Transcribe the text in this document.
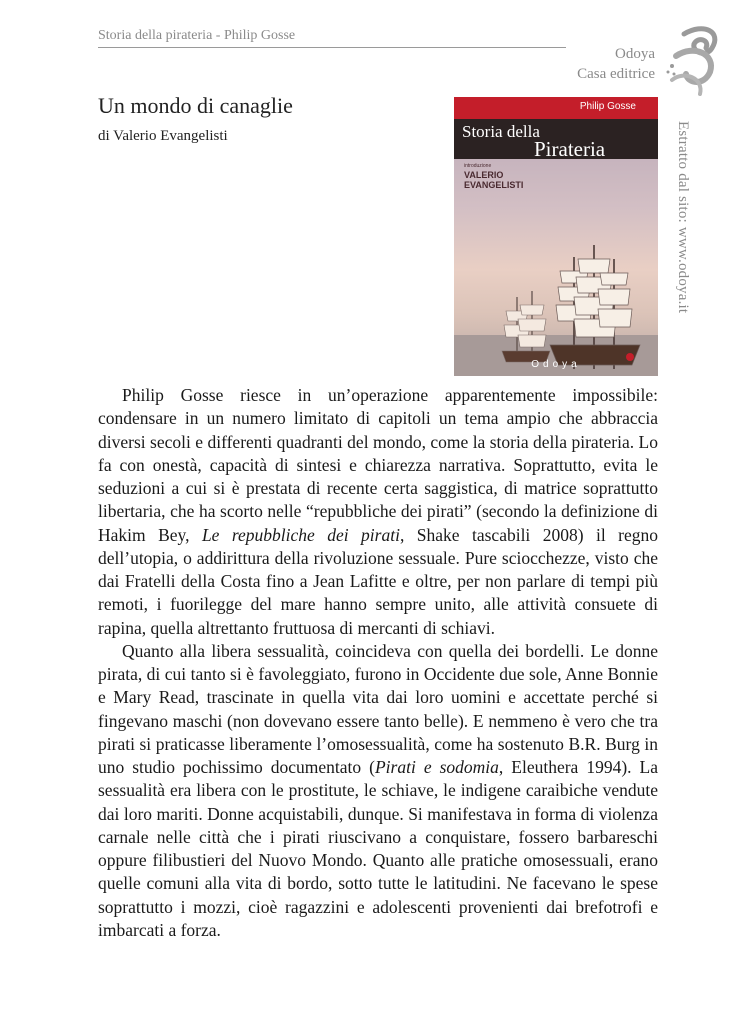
Storia della pirateria - Philip Gosse
Odoya
Casa editrice
Estratto dal sito: www.odoya.it
Un mondo di canaglie
di Valerio Evangelisti
Philip Gosse
Storia della
Pirateria
introduzione
VALERIO EVANGELISTI
Odoya

Philip Gosse riesce in un’operazione apparentemente impossibile: condensare in un numero limitato di capitoli un tema ampio che abbraccia diversi secoli e differenti quadranti del mondo, come la storia della pirateria. Lo fa con onestà, capacità di sintesi e chiarezza narrativa. Soprattutto, evita le seduzioni a cui si è prestata di recente certa saggistica, di matrice soprattutto libertaria, che ha scorto nelle “repubbliche dei pirati” (secondo la definizione di Hakim Bey, Le repubbliche dei pirati, Shake tascabili 2008) il regno dell’utopia, o addirittura della rivoluzione sessuale. Pure sciocchezze, visto che dai Fratelli della Costa fino a Jean Lafitte e oltre, per non parlare di tempi più remoti, i fuorilegge del mare hanno sempre unito, alle attività consuete di rapina, quella altrettanto fruttuosa di mercanti di schiavi.

Quanto alla libera sessualità, coincideva con quella dei bordelli. Le donne pirata, di cui tanto si è favoleggiato, furono in Occidente due sole, Anne Bonnie e Mary Read, trascinate in quella vita dai loro uomini e accettate perché si fingevano maschi (non dovevano essere tanto belle). E nemmeno è vero che tra pirati si praticasse liberamente l’omosessualità, come ha sostenuto B.R. Burg in uno studio pochissimo documentato (Pirati e sodomia, Eleuthera 1994). La sessualità era libera con le prostitute, le schiave, le indigene caraibiche vendute dai loro mariti. Donne acquistabili, dunque. Si manifestava in forma di violenza carnale nelle città che i pirati riuscivano a conquistare, fossero barbareschi oppure filibustieri del Nuovo Mondo. Quanto alle pratiche omosessuali, erano quelle comuni alla vita di bordo, sotto tutte le latitudini. Ne facevano le spese soprattutto i mozzi, cioè ragazzini e adolescenti provenienti dai brefotrofi e imbarcati a forza.
